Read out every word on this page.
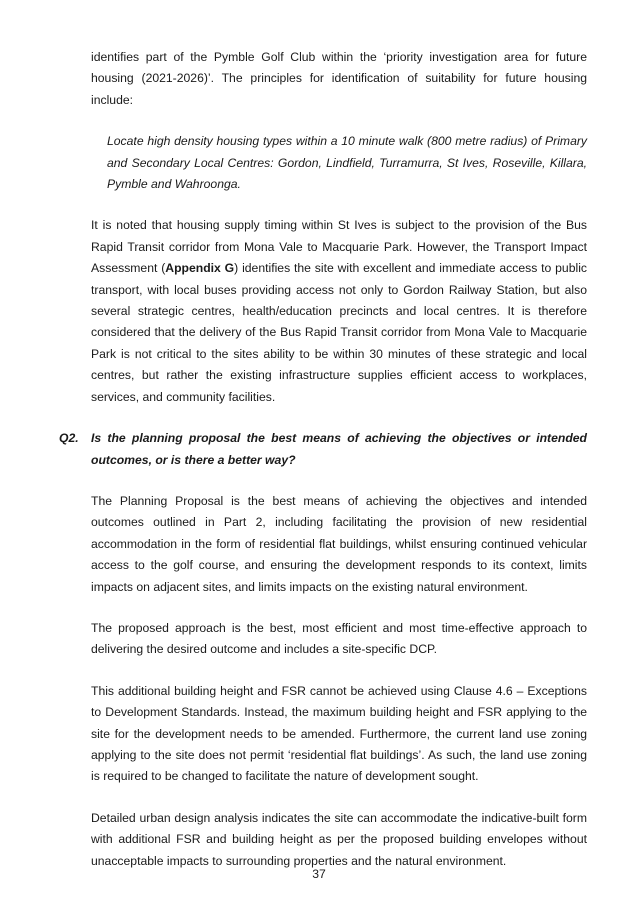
identifies part of the Pymble Golf Club within the ‘priority investigation area for future housing (2021-2026)’. The principles for identification of suitability for future housing include:

Locate high density housing types within a 10 minute walk (800 metre radius) of Primary and Secondary Local Centres: Gordon, Lindfield, Turramurra, St Ives, Roseville, Killara, Pymble and Wahroonga.

It is noted that housing supply timing within St Ives is subject to the provision of the Bus Rapid Transit corridor from Mona Vale to Macquarie Park. However, the Transport Impact Assessment (Appendix G) identifies the site with excellent and immediate access to public transport, with local buses providing access not only to Gordon Railway Station, but also several strategic centres, health/education precincts and local centres. It is therefore considered that the delivery of the Bus Rapid Transit corridor from Mona Vale to Macquarie Park is not critical to the sites ability to be within 30 minutes of these strategic and local centres, but rather the existing infrastructure supplies efficient access to workplaces, services, and community facilities.

Q2.	Is the planning proposal the best means of achieving the objectives or intended outcomes, or is there a better way?

The Planning Proposal is the best means of achieving the objectives and intended outcomes outlined in Part 2, including facilitating the provision of new residential accommodation in the form of residential flat buildings, whilst ensuring continued vehicular access to the golf course, and ensuring the development responds to its context, limits impacts on adjacent sites, and limits impacts on the existing natural environment.

The proposed approach is the best, most efficient and most time-effective approach to delivering the desired outcome and includes a site-specific DCP.

This additional building height and FSR cannot be achieved using Clause 4.6 – Exceptions to Development Standards. Instead, the maximum building height and FSR applying to the site for the development needs to be amended. Furthermore, the current land use zoning applying to the site does not permit ‘residential flat buildings’. As such, the land use zoning is required to be changed to facilitate the nature of development sought.

Detailed urban design analysis indicates the site can accommodate the indicative-built form with additional FSR and building height as per the proposed building envelopes without unacceptable impacts to surrounding properties and the natural environment.

37
